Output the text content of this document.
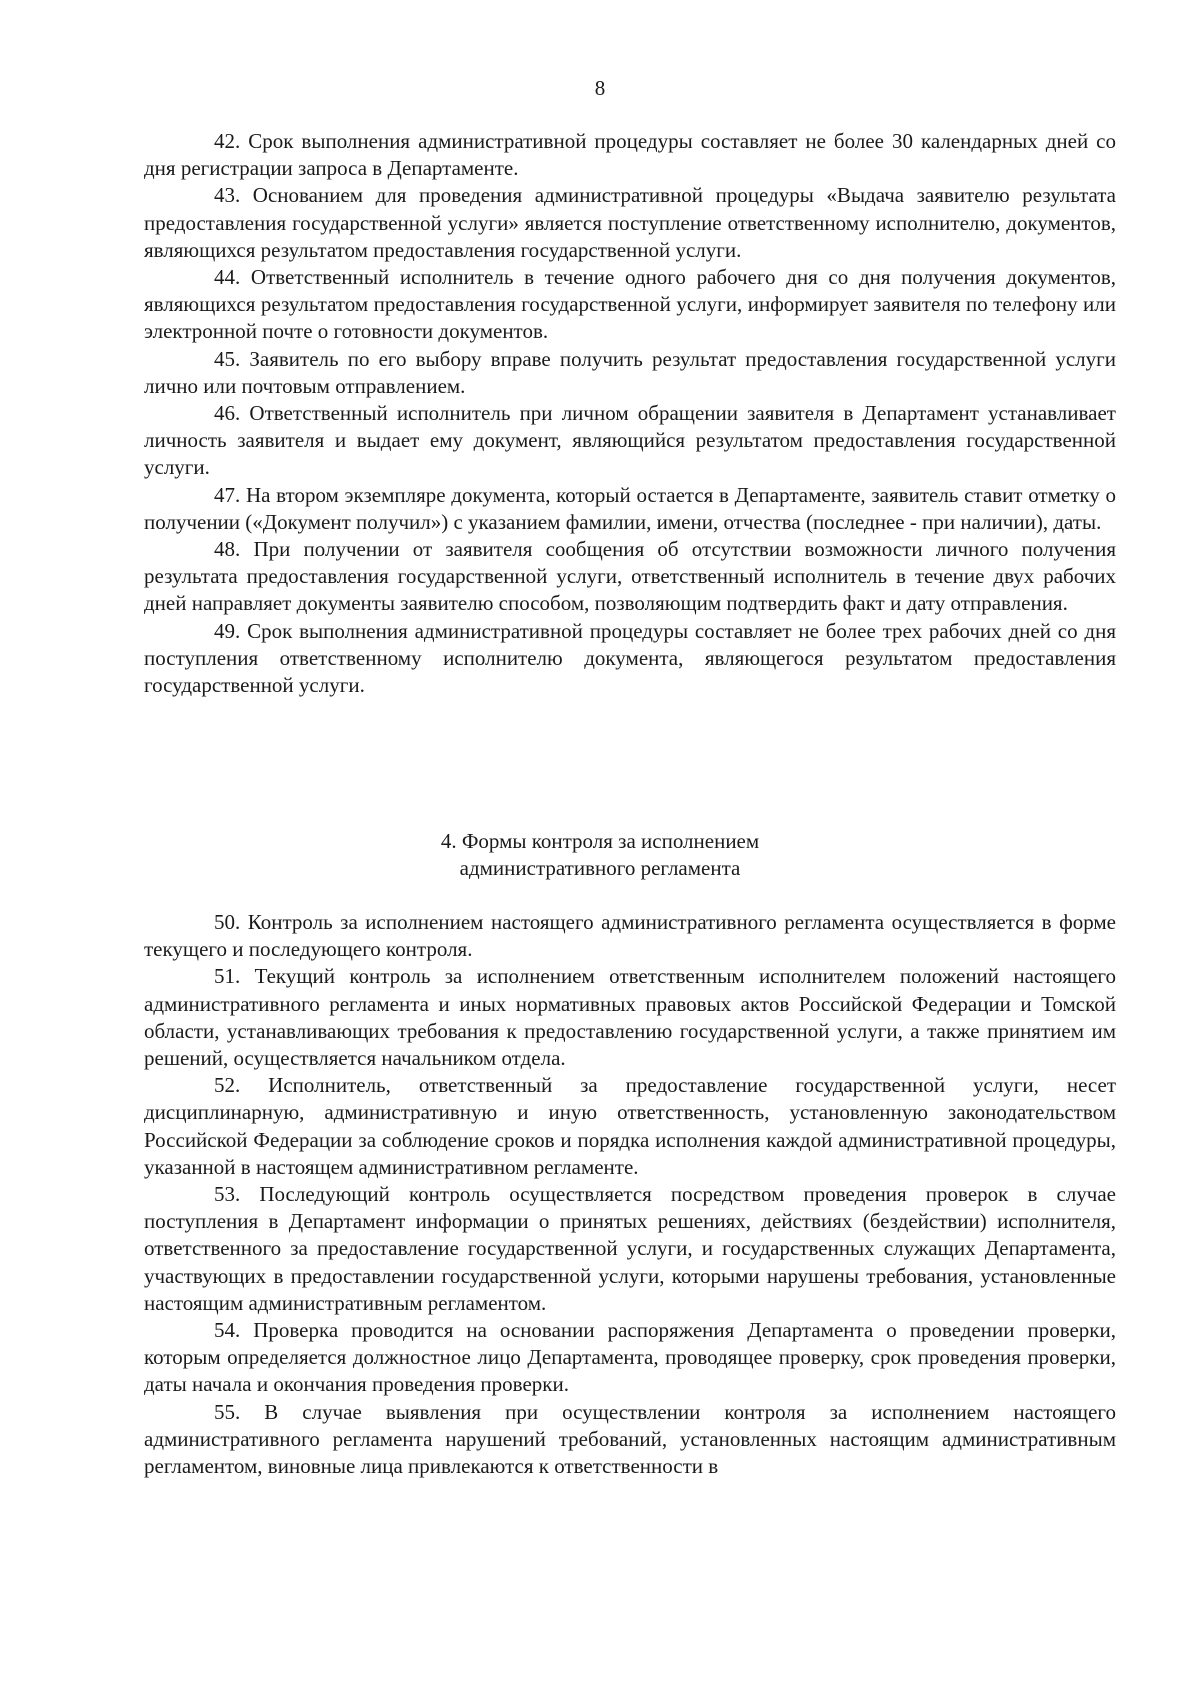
8

42. Срок выполнения административной процедуры составляет не более 30 календарных дней со дня регистрации запроса в Департаменте.

43. Основанием для проведения административной процедуры «Выдача заявителю результата предоставления государственной услуги» является поступление ответственному исполнителю, документов, являющихся результатом предоставления государственной услуги.

44. Ответственный исполнитель в течение одного рабочего дня со дня получения документов, являющихся результатом предоставления государственной услуги, информирует заявителя по телефону или электронной почте о готовности документов.

45. Заявитель по его выбору вправе получить результат предоставления государственной услуги лично или почтовым отправлением.

46. Ответственный исполнитель при личном обращении заявителя в Департамент устанавливает личность заявителя и выдает ему документ, являющийся результатом предоставления государственной услуги.

47. На втором экземпляре документа, который остается в Департаменте, заявитель ставит отметку о получении («Документ получил») с указанием фамилии, имени, отчества (последнее - при наличии), даты.

48. При получении от заявителя сообщения об отсутствии возможности личного получения результата предоставления государственной услуги, ответственный исполнитель в течение двух рабочих дней направляет документы заявителю способом, позволяющим подтвердить факт и дату отправления.

49. Срок выполнения административной процедуры составляет не более трех рабочих дней со дня поступления ответственному исполнителю документа, являющегося результатом предоставления государственной услуги.

4. Формы контроля за исполнением
административного регламента

50. Контроль за исполнением настоящего административного регламента осуществляется в форме текущего и последующего контроля.

51. Текущий контроль за исполнением ответственным исполнителем положений настоящего административного регламента и иных нормативных правовых актов Российской Федерации и Томской области, устанавливающих требования к предоставлению государственной услуги, а также принятием им решений, осуществляется начальником отдела.

52. Исполнитель, ответственный за предоставление государственной услуги, несет дисциплинарную, административную и иную ответственность, установленную законодательством Российской Федерации за соблюдение сроков и порядка исполнения каждой административной процедуры, указанной в настоящем административном регламенте.

53. Последующий контроль осуществляется посредством проведения проверок в случае поступления в Департамент информации о принятых решениях, действиях (бездействии) исполнителя, ответственного за предоставление государственной услуги, и государственных служащих Департамента, участвующих в предоставлении государственной услуги, которыми нарушены требования, установленные настоящим административным регламентом.

54. Проверка проводится на основании распоряжения Департамента о проведении проверки, которым определяется должностное лицо Департамента, проводящее проверку, срок проведения проверки, даты начала и окончания проведения проверки.

55. В случае выявления при осуществлении контроля за исполнением настоящего административного регламента нарушений требований, установленных настоящим административным регламентом, виновные лица привлекаются к ответственности в
